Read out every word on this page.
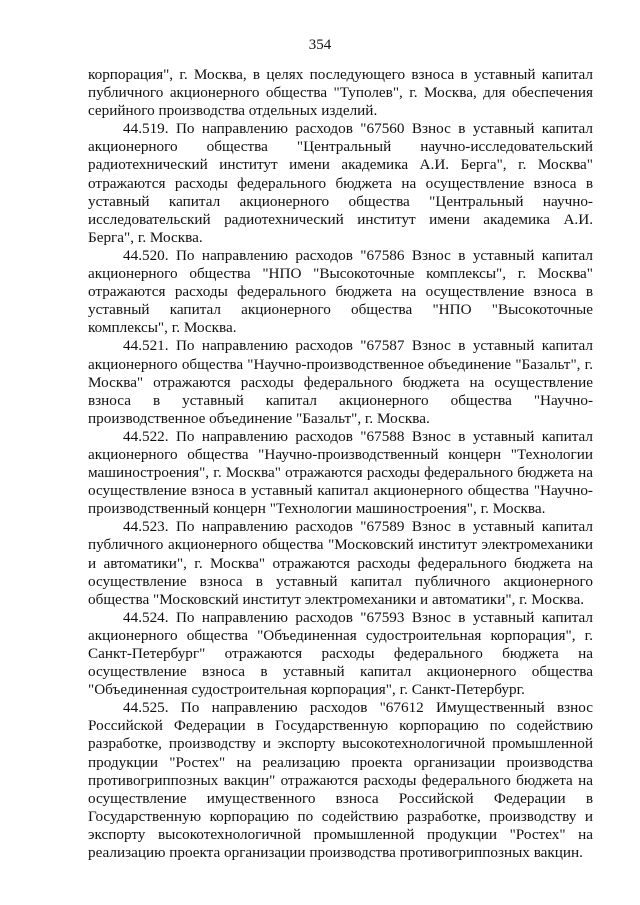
354

корпорация", г. Москва, в целях последующего взноса в уставный капитал публичного акционерного общества "Туполев", г. Москва, для обеспечения серийного производства отдельных изделий.

44.519. По направлению расходов "67560 Взнос в уставный капитал акционерного общества "Центральный научно-исследовательский радиотехнический институт имени академика А.И. Берга", г. Москва" отражаются расходы федерального бюджета на осуществление взноса в уставный капитал акционерного общества "Центральный научно-исследовательский радиотехнический институт имени академика А.И. Берга", г. Москва.

44.520. По направлению расходов "67586 Взнос в уставный капитал акционерного общества "НПО "Высокоточные комплексы", г. Москва" отражаются расходы федерального бюджета на осуществление взноса в уставный капитал акционерного общества "НПО "Высокоточные комплексы", г. Москва.

44.521. По направлению расходов "67587 Взнос в уставный капитал акционерного общества "Научно-производственное объединение "Базальт", г. Москва" отражаются расходы федерального бюджета на осуществление взноса в уставный капитал акционерного общества "Научно-производственное объединение "Базальт", г. Москва.

44.522. По направлению расходов "67588 Взнос в уставный капитал акционерного общества "Научно-производственный концерн "Технологии машиностроения", г. Москва" отражаются расходы федерального бюджета на осуществление взноса в уставный капитал акционерного общества "Научно-производственный концерн "Технологии машиностроения", г. Москва.

44.523. По направлению расходов "67589 Взнос в уставный капитал публичного акционерного общества "Московский институт электромеханики и автоматики", г. Москва" отражаются расходы федерального бюджета на осуществление взноса в уставный капитал публичного акционерного общества "Московский институт электромеханики и автоматики", г. Москва.

44.524. По направлению расходов "67593 Взнос в уставный капитал акционерного общества "Объединенная судостроительная корпорация", г. Санкт-Петербург" отражаются расходы федерального бюджета на осуществление взноса в уставный капитал акционерного общества "Объединенная судостроительная корпорация", г. Санкт-Петербург.

44.525. По направлению расходов "67612 Имущественный взнос Российской Федерации в Государственную корпорацию по содействию разработке, производству и экспорту высокотехнологичной промышленной продукции "Ростех" на реализацию проекта организации производства противогриппозных вакцин" отражаются расходы федерального бюджета на осуществление имущественного взноса Российской Федерации в Государственную корпорацию по содействию разработке, производству и экспорту высокотехнологичной промышленной продукции "Ростех" на реализацию проекта организации производства противогриппозных вакцин.
